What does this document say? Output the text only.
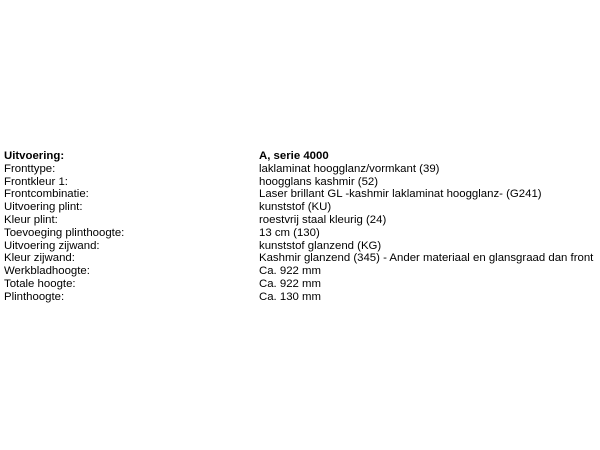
Uitvoering:	A, serie 4000
Fronttype:	laklaminat hoogglanz/vormkant (39)
Frontkleur 1:	hoogglans kashmir (52)
Frontcombinatie:	Laser brillant GL -kashmir laklaminat hoogglanz- (G241)
Uitvoering plint:	kunststof (KU)
Kleur plint:	roestvrij staal kleurig (24)
Toevoeging plinthoogte:	13 cm (130)
Uitvoering zijwand:	kunststof glanzend (KG)
Kleur zijwand:	Kashmir glanzend (345) - Ander materiaal en glansgraad dan front
Werkbladhoogte:	Ca. 922 mm
Totale hoogte:	Ca. 922 mm
Plinthoogte:	Ca. 130 mm
